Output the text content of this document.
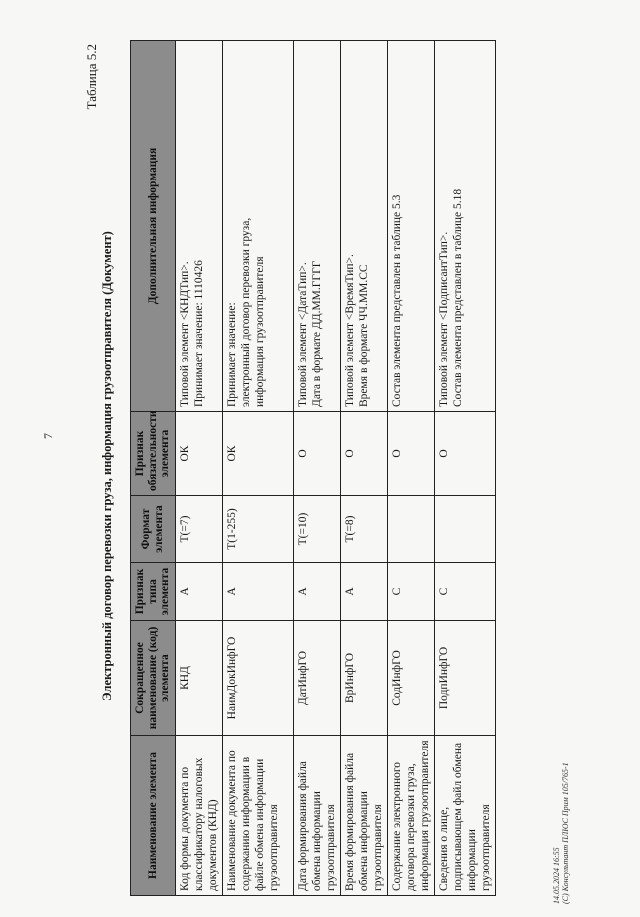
7
Таблица 5.2
Электронный договор перевозки груза, информация грузоотправителя (Документ)
Наименование элемента	Сокращенное наименование (код) элемента	Признак типа элемента	Формат элемента	Признак обязательности элемента	Дополнительная информация
Код формы документа по классификатору налоговых документов (КНД)	КНД	А	T(=7)	ОК	Типовой элемент <КНДТип>.
Принимает значение: 1110426
Наименование документа по содержанию информации в файле обмена информации грузоотправителя	НаимДокИнфГО	А	T(1-255)	ОК	Принимает значение:
электронный договор перевозки груза,
информация грузоотправителя
Дата формирования файла обмена информации грузоотправителя	ДатИнфГО	А	T(=10)	О	Типовой элемент <ДатаТип>.
Дата в формате ДД.ММ.ГГГГ
Время формирования файла обмена информации грузоотправителя	ВрИнфГО	А	T(=8)	О	Типовой элемент <ВремяТип>.
Время в формате ЧЧ.ММ.СС
Содержание электронного договора перевозки груза, информация грузоотправителя	СодИнфГО	С		О	Состав элемента представлен в таблице 5.3
Сведения о лице, подписывающем файл обмена информации грузоотправителя	ПодпИнфГО	С		О	Типовой элемент <ПодписантТип>.
Состав элемента представлен в таблице 5.18
14.05.2024 16:55 (С) Консультант ПЛЮС Прим 105/765-1
